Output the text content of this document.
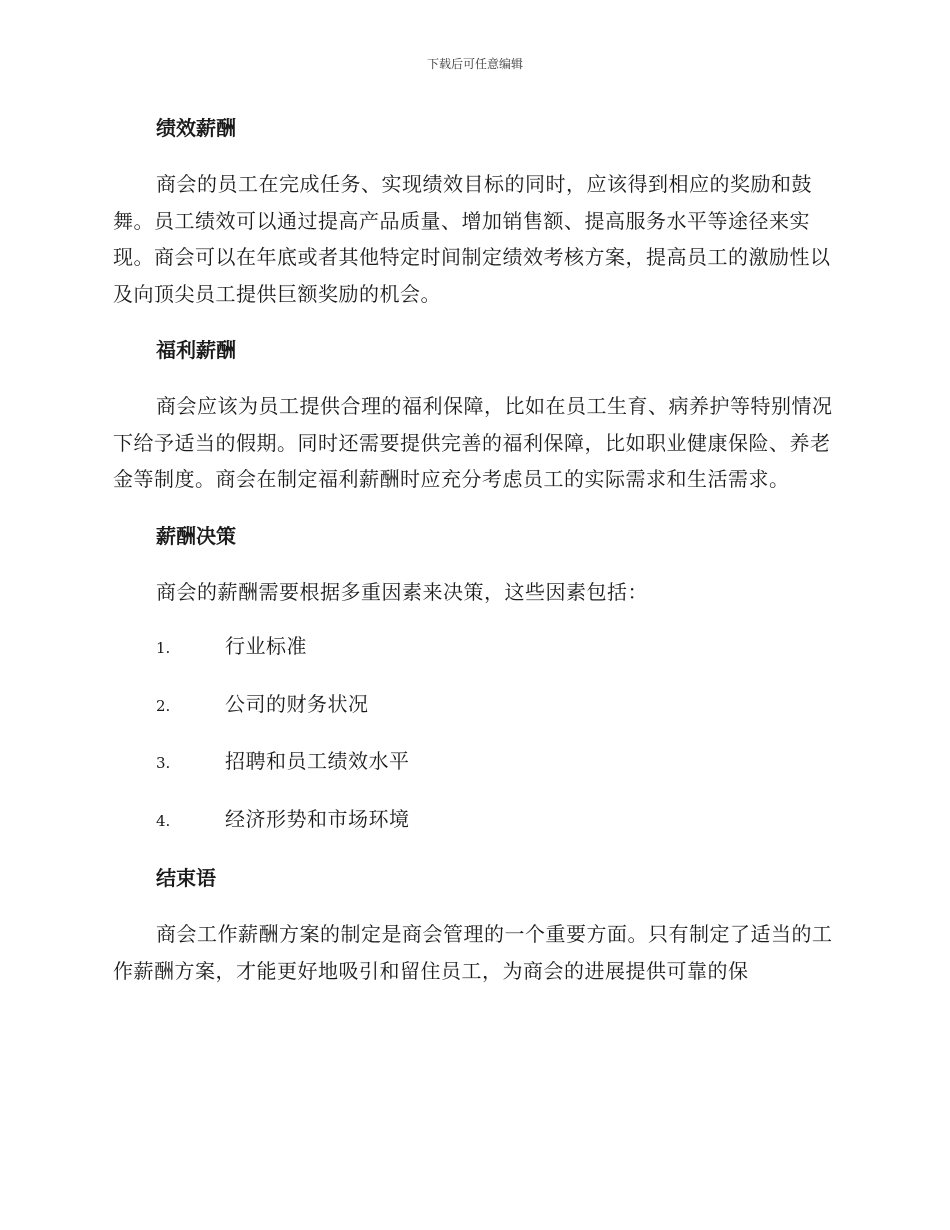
下载后可任意编辑
绩效薪酬

商会的员工在完成任务、实现绩效目标的同时，应该得到相应的奖励和鼓舞。员工绩效可以通过提高产品质量、增加销售额、提高服务水平等途径来实现。商会可以在年底或者其他特定时间制定绩效考核方案，提高员工的激励性以及向顶尖员工提供巨额奖励的机会。

福利薪酬

商会应该为员工提供合理的福利保障，比如在员工生育、病养护等特别情况下给予适当的假期。同时还需要提供完善的福利保障，比如职业健康保险、养老金等制度。商会在制定福利薪酬时应充分考虑员工的实际需求和生活需求。

薪酬决策

商会的薪酬需要根据多重因素来决策，这些因素包括：

1.	行业标准
2.	公司的财务状况
3.	招聘和员工绩效水平
4.	经济形势和市场环境
结束语

商会工作薪酬方案的制定是商会管理的一个重要方面。只有制定了适当的工作薪酬方案，才能更好地吸引和留住员工，为商会的进展提供可靠的保
